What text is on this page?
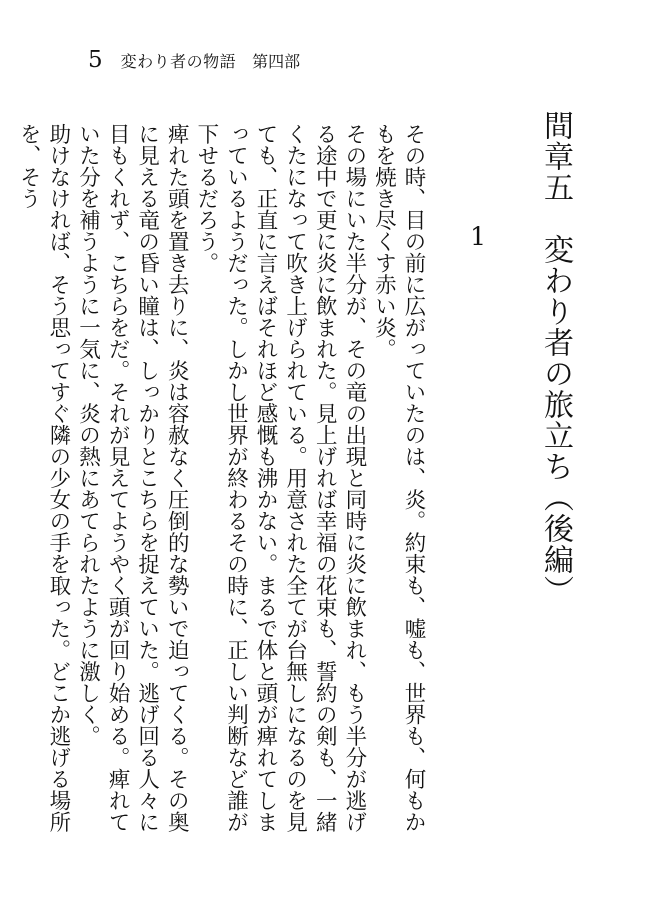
5 変わり者の物語 第四部
間章五　変わり者の旅立ち（後編）
1

その時、目の前に広がっていたのは、炎。約束も、嘘も、世界も、何もかもを焼き尽くす赤い炎。

その場にいた半分が、その竜の出現と同時に炎に飲まれ、もう半分が逃げる途中で更に炎に飲まれた。見上げれば幸福の花束も、誓約の剣も、一緒くたになって吹き上げられている。用意された全てが台無しになるのを見ても、正直に言えばそれほど感慨も沸かない。まるで体と頭が痺れてしまっているようだった。しかし世界が終わるその時に、正しい判断など誰が下せるだろう。

痺れた頭を置き去りに、炎は容赦なく圧倒的な勢いで迫ってくる。その奥に見える竜の昏い瞳は、しっかりとこちらを捉えていた。逃げ回る人々に目もくれず、こちらをだ。それが見えてようやく頭が回り始める。痺れていた分を補うように一気に、炎の熱にあてられたように激しく。

助けなければ、そう思ってすぐ隣の少女の手を取った。どこか逃げる場所を、そう
